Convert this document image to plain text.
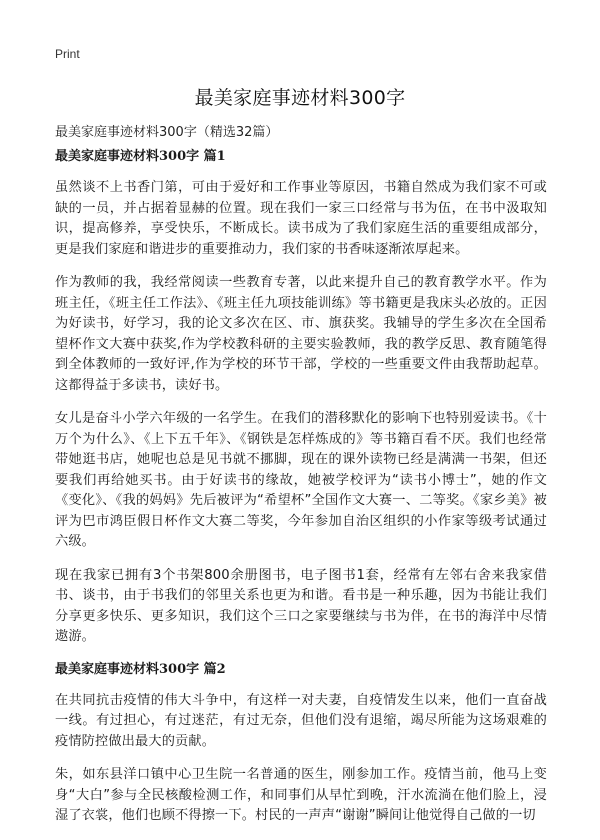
Print
最美家庭事迹材料300字
最美家庭事迹材料300字（精选32篇）
最美家庭事迹材料300字 篇1

虽然谈不上书香门第，可由于爱好和工作事业等原因，书籍自然成为我们家不可或缺的一员，并占据着显赫的位置。现在我们一家三口经常与书为伍，在书中汲取知识，提高修养，享受快乐，不断成长。读书成为了我们家庭生活的重要组成部分，更是我们家庭和谐进步的重要推动力，我们家的书香味逐渐浓厚起来。

作为教师的我，我经常阅读一些教育专著，以此来提升自己的教育教学水平。作为班主任，《班主任工作法》、《班主任九项技能训练》等书籍更是我床头必放的。正因为好读书，好学习，我的论文多次在区、市、旗获奖。我辅导的学生多次在全国希望杯作文大赛中获奖,作为学校教科研的主要实验教师，我的教学反思、教育随笔得到全体教师的一致好评,作为学校的环节干部，学校的一些重要文件由我帮助起草。这都得益于多读书，读好书。

女儿是奋斗小学六年级的一名学生。在我们的潜移默化的影响下也特别爱读书。《十万个为什么》、《上下五千年》、《钢铁是怎样炼成的》等书籍百看不厌。我们也经常带她逛书店，她呢也总是见书就不挪脚，现在的课外读物已经是满满一书架，但还要我们再给她买书。由于好读书的缘故，她被学校评为“读书小博士”，她的作文《变化》、《我的妈妈》先后被评为“希望杯”全国作文大赛一、二等奖。《家乡美》被评为巴市鸿臣假日杯作文大赛二等奖，今年参加自治区组织的小作家等级考试通过六级。

现在我家已拥有3个书架800余册图书，电子图书1套，经常有左邻右舍来我家借书、谈书，由于书我们的邻里关系也更为和谐。看书是一种乐趣，因为书能让我们分享更多快乐、更多知识，我们这个三口之家要继续与书为伴，在书的海洋中尽情遨游。

最美家庭事迹材料300字 篇2

在共同抗击疫情的伟大斗争中，有这样一对夫妻，自疫情发生以来，他们一直奋战一线。有过担心，有过迷茫，有过无奈，但他们没有退缩，竭尽所能为这场艰难的疫情防控做出最大的贡献。

朱，如东县洋口镇中心卫生院一名普通的医生，刚参加工作。疫情当前，他马上变身“大白”参与全民核酸检测工作，和同事们从早忙到晚，汗水流淌在他们脸上，浸湿了衣裳，他们也顾不得擦一下。村民的一声声“谢谢”瞬间让他觉得自己做的一切
